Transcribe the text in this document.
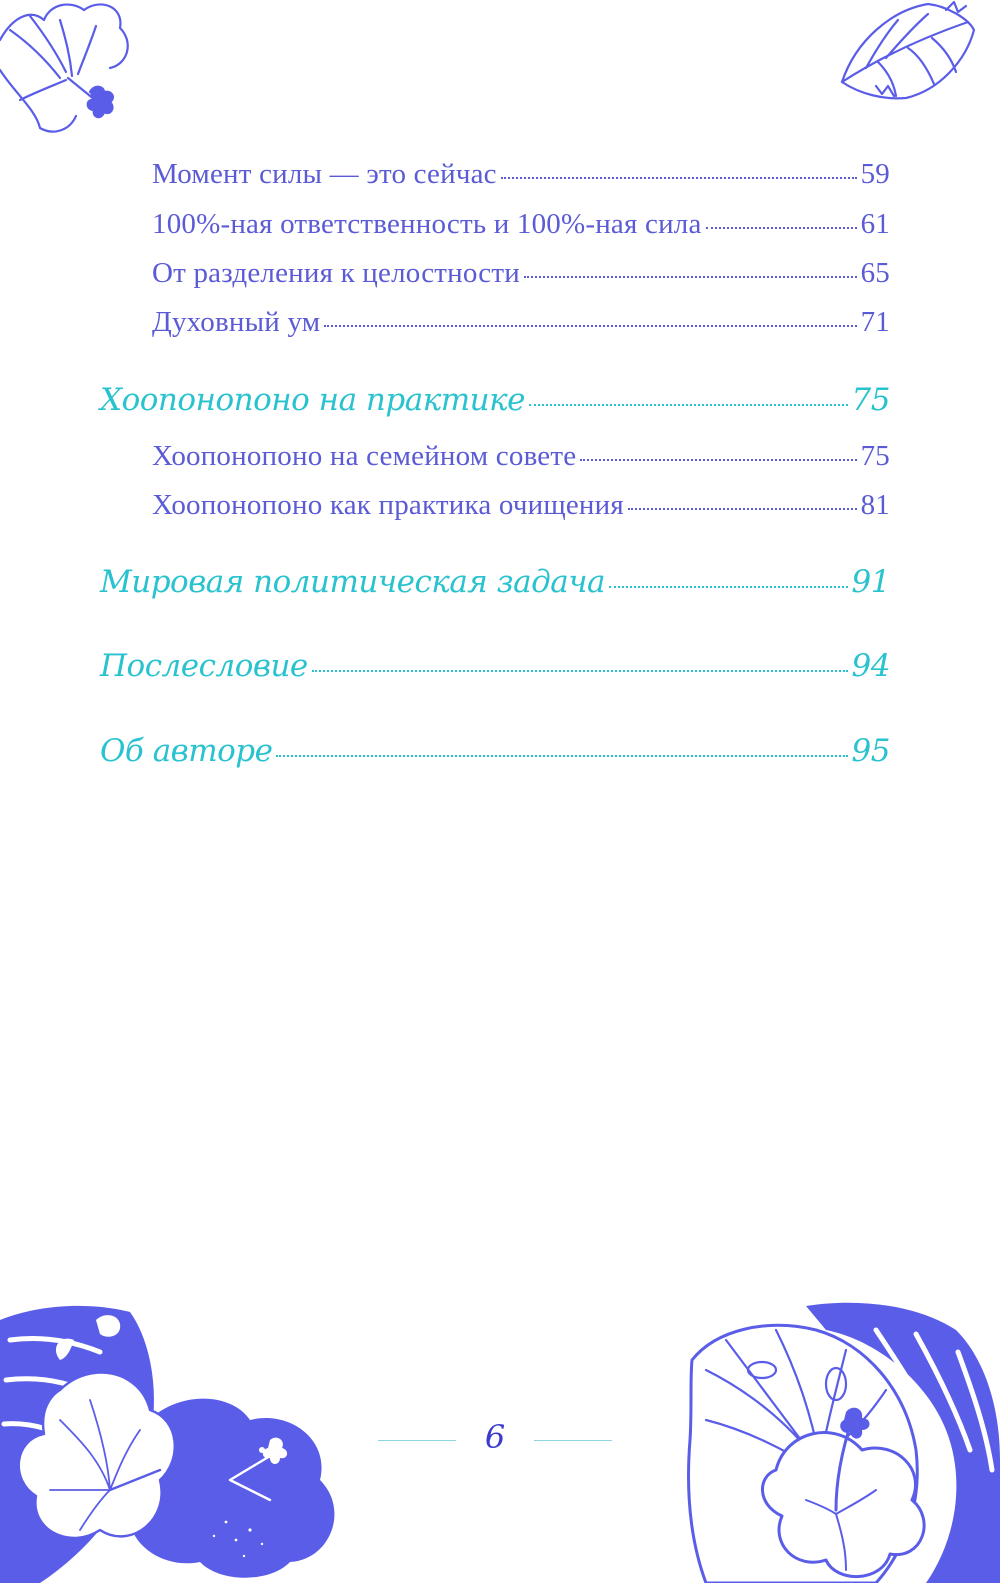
Момент силы — это сейчас	59
100%-ная ответственность и 100%-ная сила	61
От разделения к целостности	65
Духовный ум	71
Хоопонопоно на практике	75
Хоопонопоно на семейном совете	75
Хоопонопоно как практика очищения	81
Мировая политическая задача	91
Послесловие	94
Об авторе	95
6
